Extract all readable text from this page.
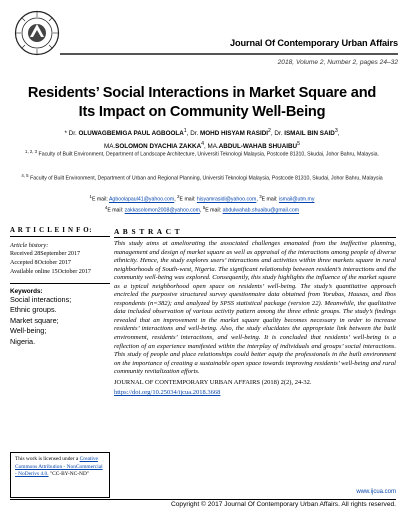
Journal Of Contemporary Urban Affairs
2018, Volume 2, Number 2, pages 24–32
Residents’ Social Interactions in Market Square and
Its Impact on Community Well-Being
* Dr. OLUWAGBEMIGA PAUL AGBOOLA$^1$, Dr. MOHD HISYAM RASIDI$^2$, Dr. ISMAIL BIN SAID$^3$,
MA.SOLOMON DYACHIA ZAKKA$^4$, MA.ABDUL-WAHAB SHUAIBU$^5$
$^{1, 2, 3}$ Faculty of Built Environment, Department of Landscape Architecture, Universiti Teknologi Malaysia, Postcode 81310, Skudai, Johor Bahru, Malaysia.
$^{4, 5}$ Faculty of Built Environment, Department of Urban and Regional Planning, Universiti Teknologi Malaysia, Postcode 81310, Skudai, Johor Bahru, Malaysia
$^1$E mail: Agboolapaul41@yahoo.com, $^2$E mail: hisyamrasidi@yahoo.com, $^3$E mail: ismail@utm.my
$^4$E mail: zakkasolomon2008@yahoo.com, $^5$E mail: abdulwahab.shuaibu@gmail.com
A R T I C L E I N F O:
Article history:
Received 28September 2017
Accepted 8October 2017
Available online 15October 2017
Keywords:
Social interactions;
Ethnic groups.
Market square;
Well-being;
Nigeria.
This work is licensed under a Creative Commons Attribution - NonCommercial - NoDerivs 4.0. "CC-BY-NC-ND"
A B S T R A C T
This study aims at ameliorating the associated challenges emanated from the ineffective planning, management and design of market square as well as appraisal of the interactions among people of diverse ethnicity. Hence, the study explores users’ interactions and activities within three markets square in rural neighborhoods of South-west, Nigeria. The significant relationship between resident’s interactions and the community well-being was explored. Consequently, this study highlights the influence of the market square as a typical neighborhood open space on residents’ well-being. The study’s quantitative approach encircled the purposive structured survey questionnaire data obtained from Yorubas, Hausas, and Ibos respondents (n=382); and analyzed by SPSS statistical package (version 22). Meanwhile, the qualitative data included observation of various activity pattern among the three ethnic groups. The study’s findings revealed that an improvement in the market square quality becomes necessary in order to increase residents’ interactions and well-being. Also, the study elucidates the appropriate link between the built environment, residents’ interactions, and well-being. It is concluded that residents’ well-being is a reflection of an experience manifested within the interplay of individuals and groups’ social interactions. This study of people and place relationships could better equip the professionals in the built environment on the importance of creating a sustainable open space towards improving residents’ well-being and rural community revitalization efforts.
JOURNAL OF CONTEMPORARY URBAN AFFAIRS (2018) 2(2), 24-32.
https://doi.org/10.25034/ijcua.2018.3668
www.ijcua.com
Copyright © 2017 Journal Of Contemporary Urban Affairs. All rights reserved.
